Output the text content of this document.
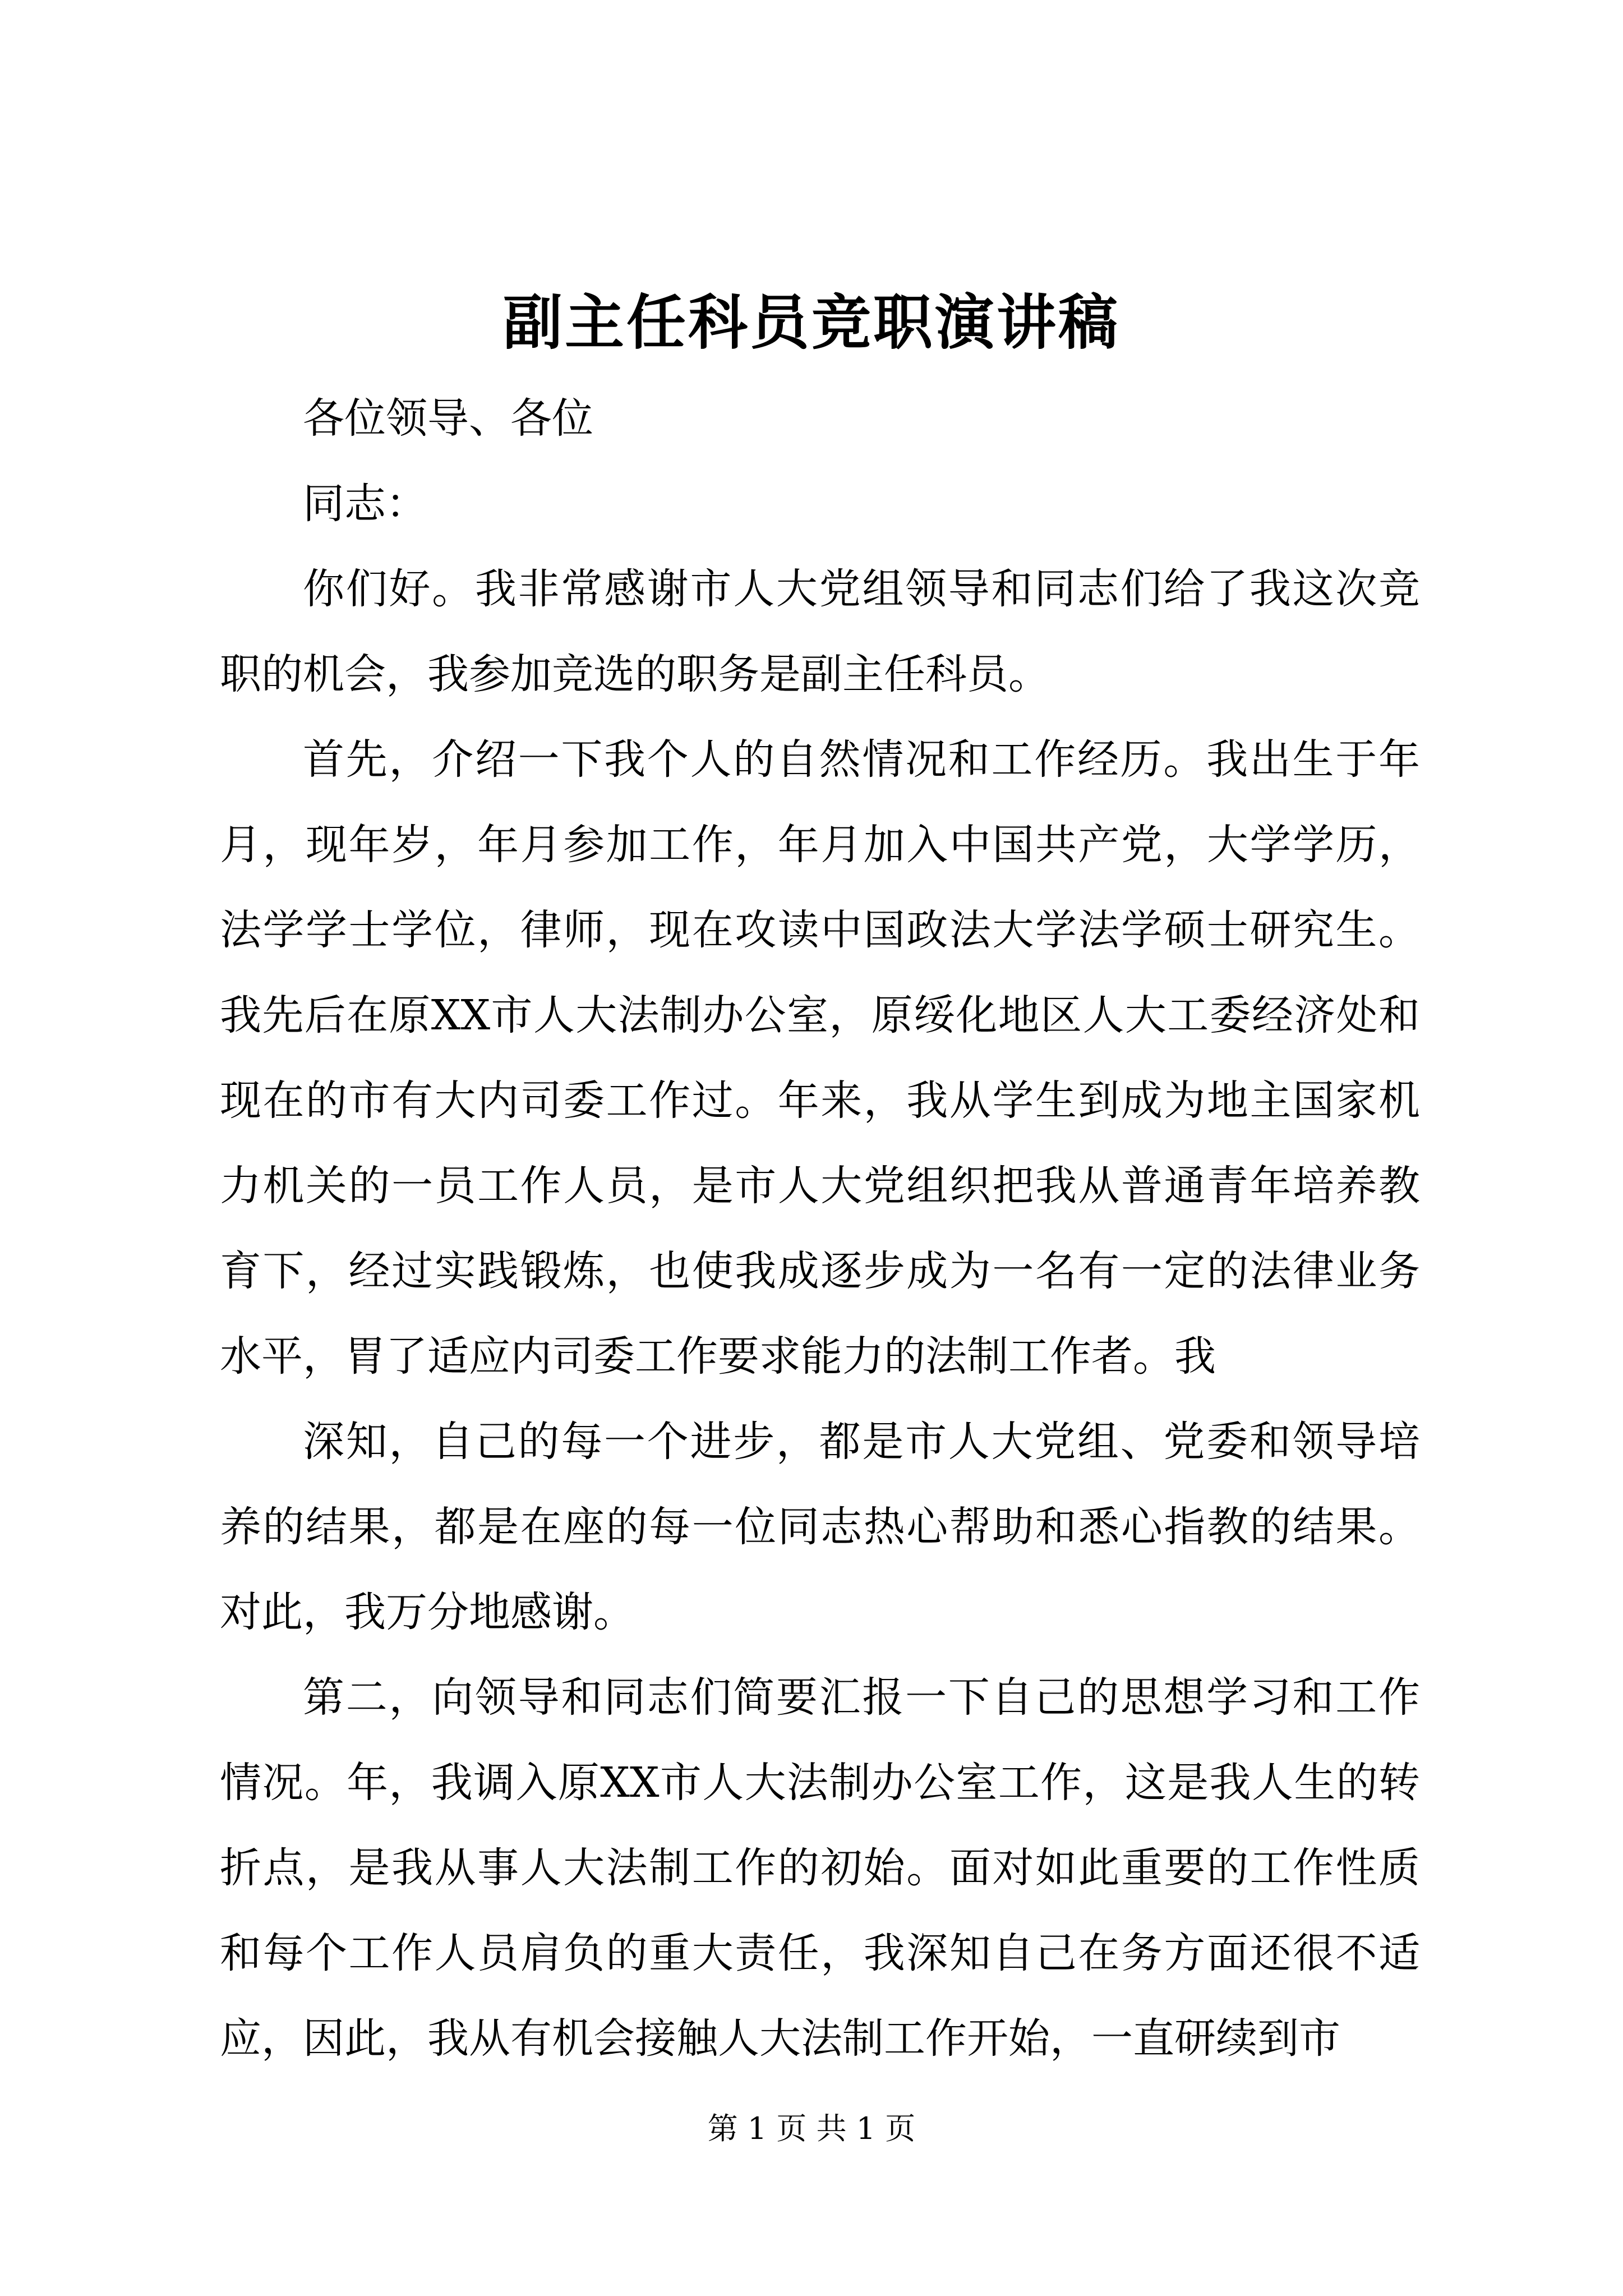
副主任科员竞职演讲稿

各位领导、各位

同志：

你们好。我非常感谢市人大党组领导和同志们给了我这次竞职的机会，我参加竞选的职务是副主任科员。

首先，介绍一下我个人的自然情况和工作经历。我出生于年月，现年岁，年月参加工作，年月加入中国共产党，大学学历，法学学士学位，律师，现在攻读中国政法大学法学硕士研究生。我先后在原XX市人大法制办公室，原绥化地区人大工委经济处和现在的市有大内司委工作过。年来，我从学生到成为地主国家机力机关的一员工作人员，是市人大党组织把我从普通青年培养教育下，经过实践锻炼，也使我成逐步成为一名有一定的法律业务水平，胃了适应内司委工作要求能力的法制工作者。我

深知，自己的每一个进步，都是市人大党组、党委和领导培养的结果，都是在座的每一位同志热心帮助和悉心指教的结果。对此，我万分地感谢。

第二，向领导和同志们简要汇报一下自己的思想学习和工作情况。年，我调入原XX市人大法制办公室工作，这是我人生的转折点，是我从事人大法制工作的初始。面对如此重要的工作性质和每个工作人员肩负的重大责任，我深知自己在务方面还很不适应，因此，我从有机会接触人大法制工作开始，一直研续到市

第 1 页 共 1 页
